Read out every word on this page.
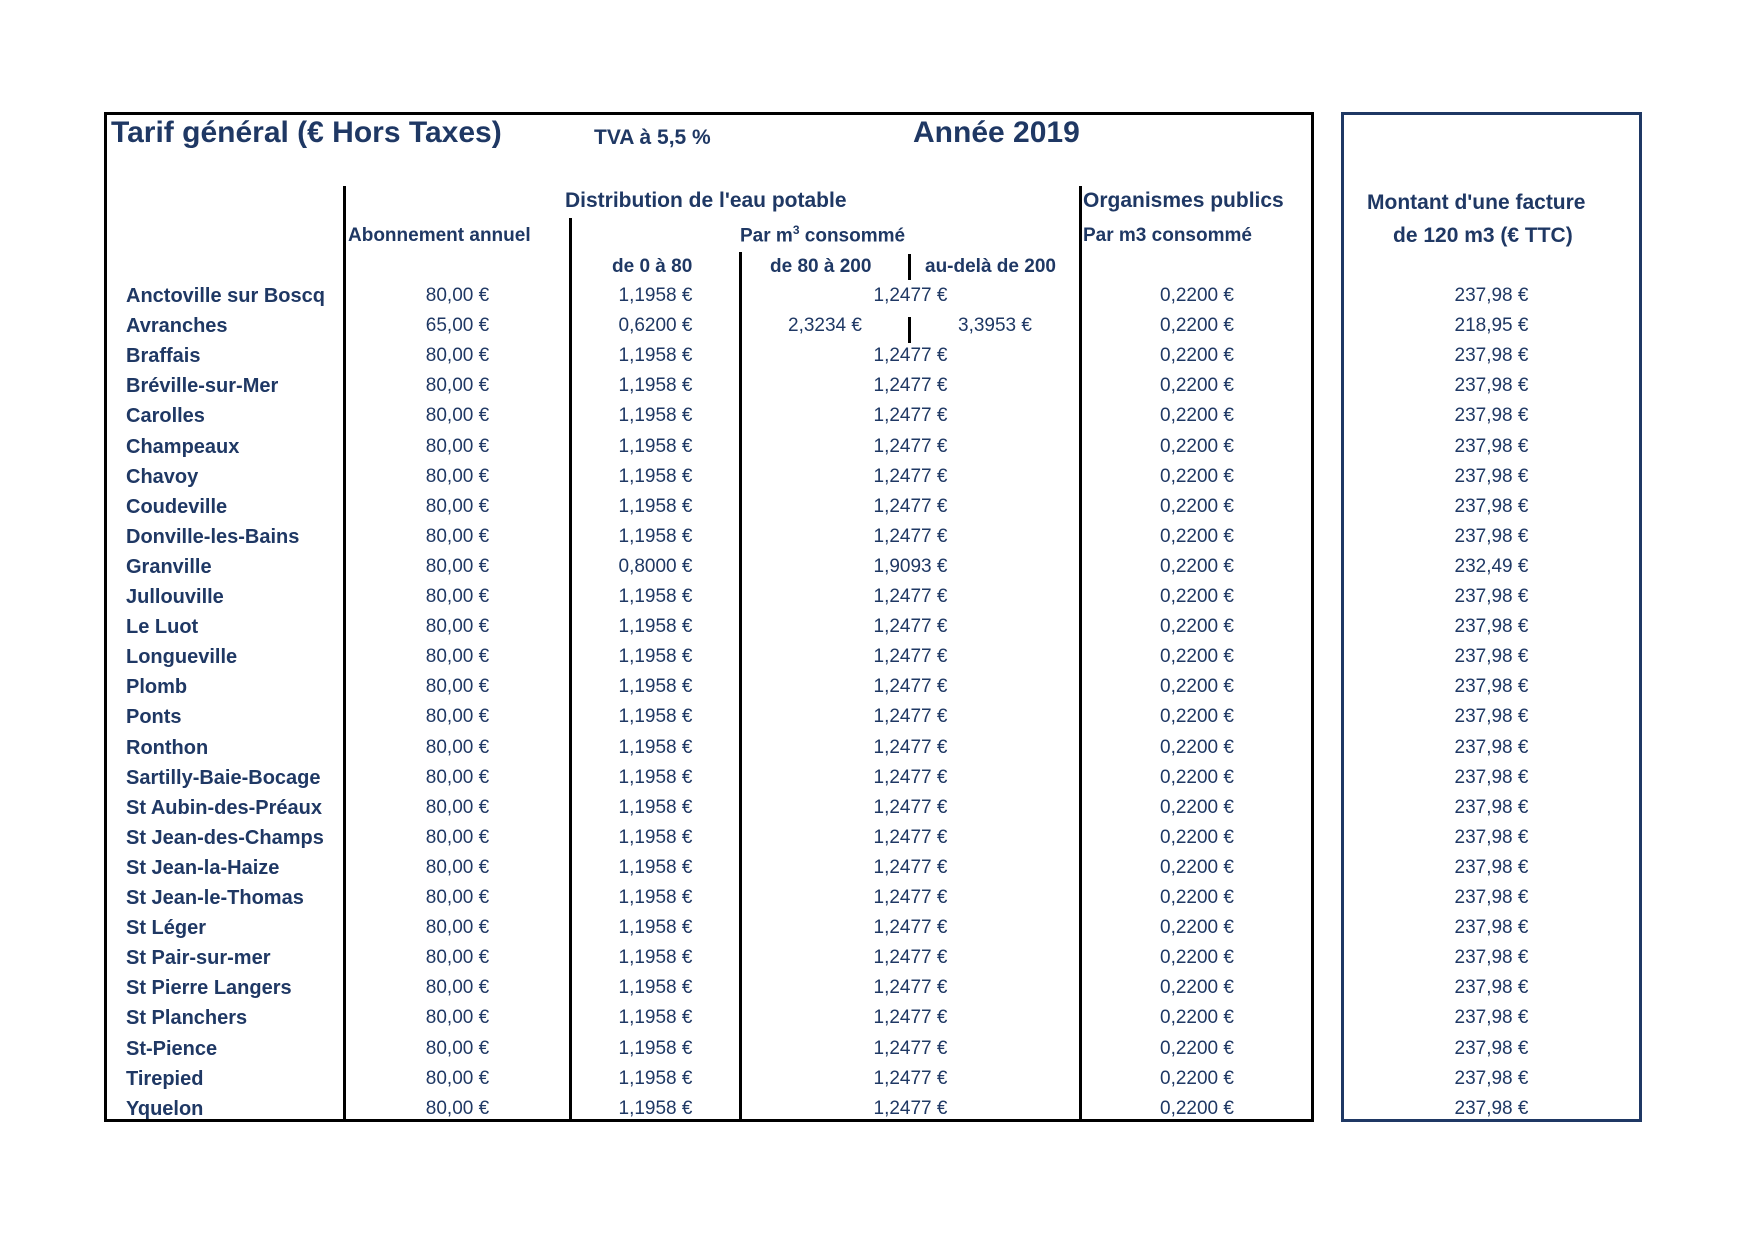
Tarif général (€ Hors Taxes)	TVA à 5,5 %	Année 2019
Distribution de l'eau potable	Organismes publics	Montant d'une facture
de 120 m3 (€ TTC)
Abonnement annuel	Par $m^3$ consommé	Par m3 consommé
de 0 à 80	de 80 à 200	au-delà de 200
Anctoville sur Boscq	80,00 €	1,1958 €	1,2477 €	0,2200 €	237,98 €
Avranches	65,00 €	0,6200 €	2,3234 €	3,3953 €	0,2200 €	218,95 €
Braffais	80,00 €	1,1958 €	1,2477 €	0,2200 €	237,98 €
Bréville-sur-Mer	80,00 €	1,1958 €	1,2477 €	0,2200 €	237,98 €
Carolles	80,00 €	1,1958 €	1,2477 €	0,2200 €	237,98 €
Champeaux	80,00 €	1,1958 €	1,2477 €	0,2200 €	237,98 €
Chavoy	80,00 €	1,1958 €	1,2477 €	0,2200 €	237,98 €
Coudeville	80,00 €	1,1958 €	1,2477 €	0,2200 €	237,98 €
Donville-les-Bains	80,00 €	1,1958 €	1,2477 €	0,2200 €	237,98 €
Granville	80,00 €	0,8000 €	1,9093 €	0,2200 €	232,49 €
Jullouville	80,00 €	1,1958 €	1,2477 €	0,2200 €	237,98 €
Le Luot	80,00 €	1,1958 €	1,2477 €	0,2200 €	237,98 €
Longueville	80,00 €	1,1958 €	1,2477 €	0,2200 €	237,98 €
Plomb	80,00 €	1,1958 €	1,2477 €	0,2200 €	237,98 €
Ponts	80,00 €	1,1958 €	1,2477 €	0,2200 €	237,98 €
Ronthon	80,00 €	1,1958 €	1,2477 €	0,2200 €	237,98 €
Sartilly-Baie-Bocage	80,00 €	1,1958 €	1,2477 €	0,2200 €	237,98 €
St Aubin-des-Préaux	80,00 €	1,1958 €	1,2477 €	0,2200 €	237,98 €
St Jean-des-Champs	80,00 €	1,1958 €	1,2477 €	0,2200 €	237,98 €
St Jean-la-Haize	80,00 €	1,1958 €	1,2477 €	0,2200 €	237,98 €
St Jean-le-Thomas	80,00 €	1,1958 €	1,2477 €	0,2200 €	237,98 €
St Léger	80,00 €	1,1958 €	1,2477 €	0,2200 €	237,98 €
St Pair-sur-mer	80,00 €	1,1958 €	1,2477 €	0,2200 €	237,98 €
St Pierre Langers	80,00 €	1,1958 €	1,2477 €	0,2200 €	237,98 €
St Planchers	80,00 €	1,1958 €	1,2477 €	0,2200 €	237,98 €
St-Pience	80,00 €	1,1958 €	1,2477 €	0,2200 €	237,98 €
Tirepied	80,00 €	1,1958 €	1,2477 €	0,2200 €	237,98 €
Yquelon	80,00 €	1,1958 €	1,2477 €	0,2200 €	237,98 €
